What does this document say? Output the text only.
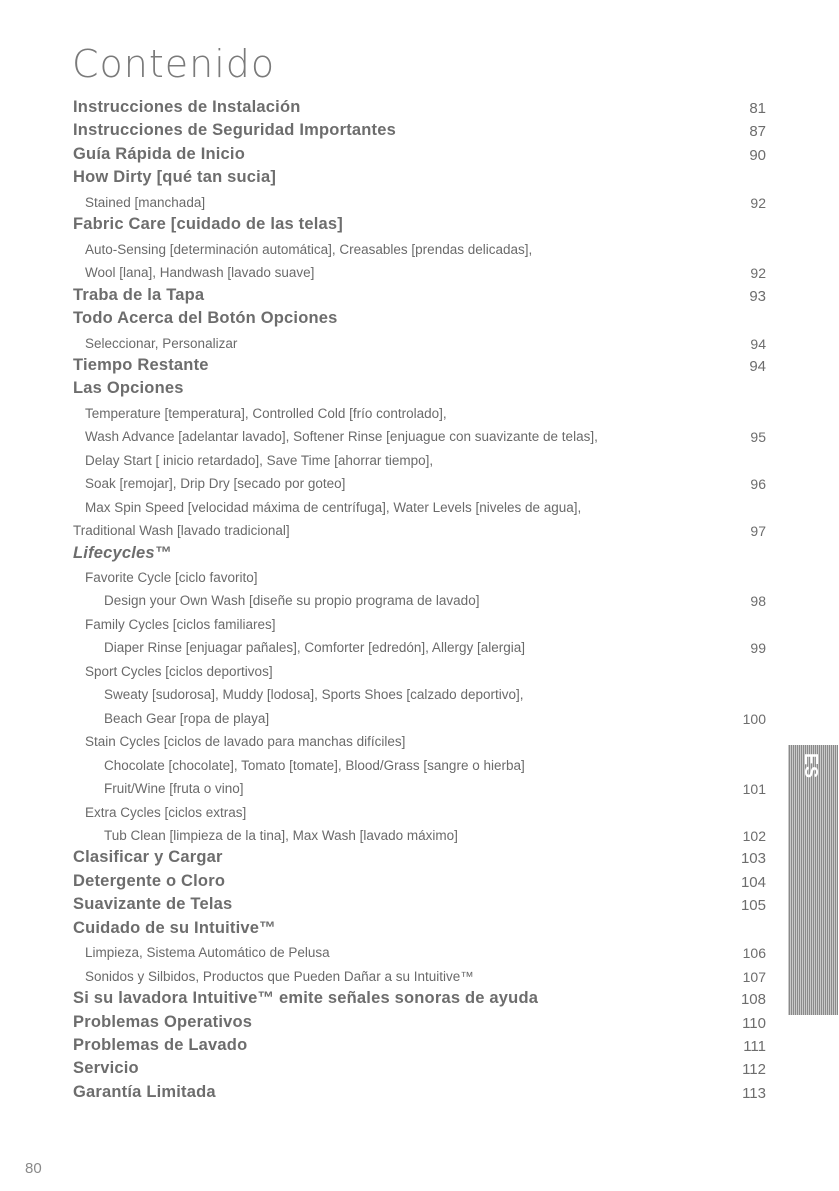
Contenido
Instrucciones de Instalación	81
Instrucciones de Seguridad Importantes	87
Guía Rápida de Inicio	90
How Dirty [qué tan sucia]
Stained [manchada]	92
Fabric Care [cuidado de las telas]
Auto-Sensing [determinación automática], Creasables [prendas delicadas],
Wool [lana], Handwash [lavado suave]	92
Traba de la Tapa	93
Todo Acerca del Botón Opciones
Seleccionar, Personalizar	94
Tiempo Restante	94
Las Opciones
Temperature [temperatura], Controlled Cold [frío controlado],
Wash Advance [adelantar lavado], Softener Rinse [enjuague con suavizante de telas],	95
Delay Start [ inicio retardado], Save Time [ahorrar tiempo],
Soak [remojar], Drip Dry [secado por goteo]	96
Max Spin Speed [velocidad máxima de centrífuga], Water Levels [niveles de agua],
Traditional Wash [lavado tradicional]	97
Lifecycles™
Favorite Cycle [ciclo favorito]
Design your Own Wash [diseñe su propio programa de lavado]	98
Family Cycles [ciclos familiares]
Diaper Rinse [enjuagar pañales], Comforter [edredón], Allergy [alergia]	99
Sport Cycles [ciclos deportivos]
Sweaty [sudorosa], Muddy [lodosa], Sports Shoes [calzado deportivo],
Beach Gear [ropa de playa]	100
Stain Cycles [ciclos de lavado para manchas difíciles]
Chocolate [chocolate], Tomato [tomate], Blood/Grass [sangre o hierba]
Fruit/Wine [fruta o vino]	101
Extra Cycles [ciclos extras]
Tub Clean [limpieza de la tina], Max Wash [lavado máximo]	102
Clasificar y Cargar	103
Detergente o Cloro	104
Suavizante de Telas	105
Cuidado de su Intuitive™
Limpieza, Sistema Automático de Pelusa	106
Sonidos y Silbidos, Productos que Pueden Dañar a su Intuitive™	107
Si su lavadora Intuitive™ emite señales sonoras de ayuda	108
Problemas Operativos	110
Problemas de Lavado	111
Servicio	112
Garantía Limitada	113
ES
80
